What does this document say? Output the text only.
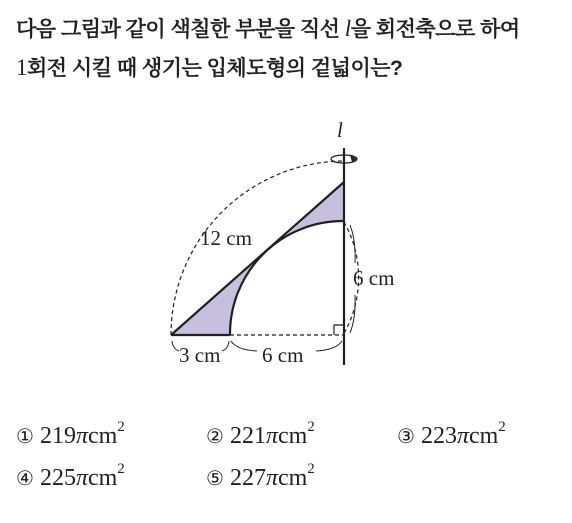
다음 그림과 같이 색칠한 부분을 직선 l을 회전축으로 하여
1회전 시킬 때 생기는 입체도형의 겉넓이는?
l
12 cm
6 cm
3 cm 6 cm
① 219πcm$^2$	② 221πcm$^2$	③ 223πcm$^2$
④ 225πcm$^2$	⑤ 227πcm$^2$
